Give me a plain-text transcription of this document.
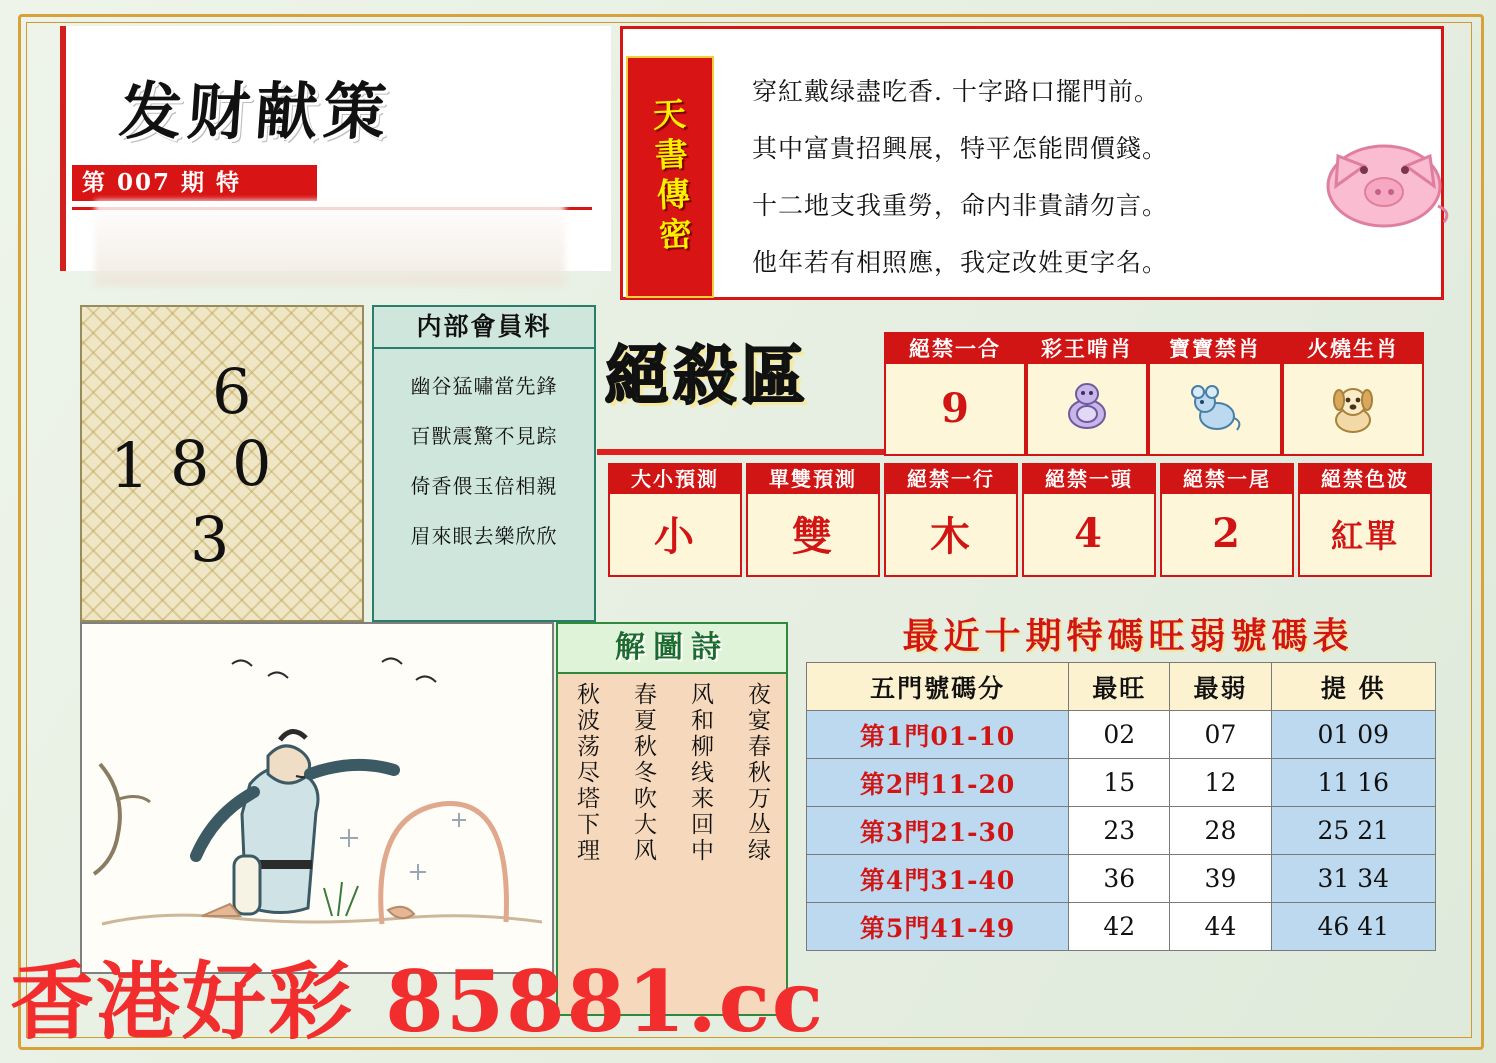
发财献策
第 007 期 特	天書傳密
穿紅戴绿盡吃香. 十字路口擺門前。
其中富貴招興展，特平怎能問價錢。
十二地支我重勞，命内非貴請勿言。
他年若有相照應，我定改姓更字名。
6
1 8 0
3
内部會員料
幽谷猛嘯當先鋒
百獸震驚不見踪
倚香偎玉倍相親
眉來眼去樂欣欣
絕殺區	絕禁一合
9
彩王啃肖	寶寶禁肖	火燒生肖
大小預測
小
單雙預測
雙
絕禁一行
木
絕禁一頭
4
絕禁一尾
2
絕禁色波
紅單
解圖詩
夜宴春秋万丛绿
风和柳线来回中
春夏秋冬吹大风
秋波荡尽塔下理
最近十期特碼旺弱號碼表
五門號碼分	最旺	最弱	提 供
第1門01-10	02	07	01 09
第2門11-20	15	12	11 16
第3門21-30	23	28	25 21
第4門31-40	36	39	31 34
第5門41-49	42	44	46 41
香港好彩 85881.cc
